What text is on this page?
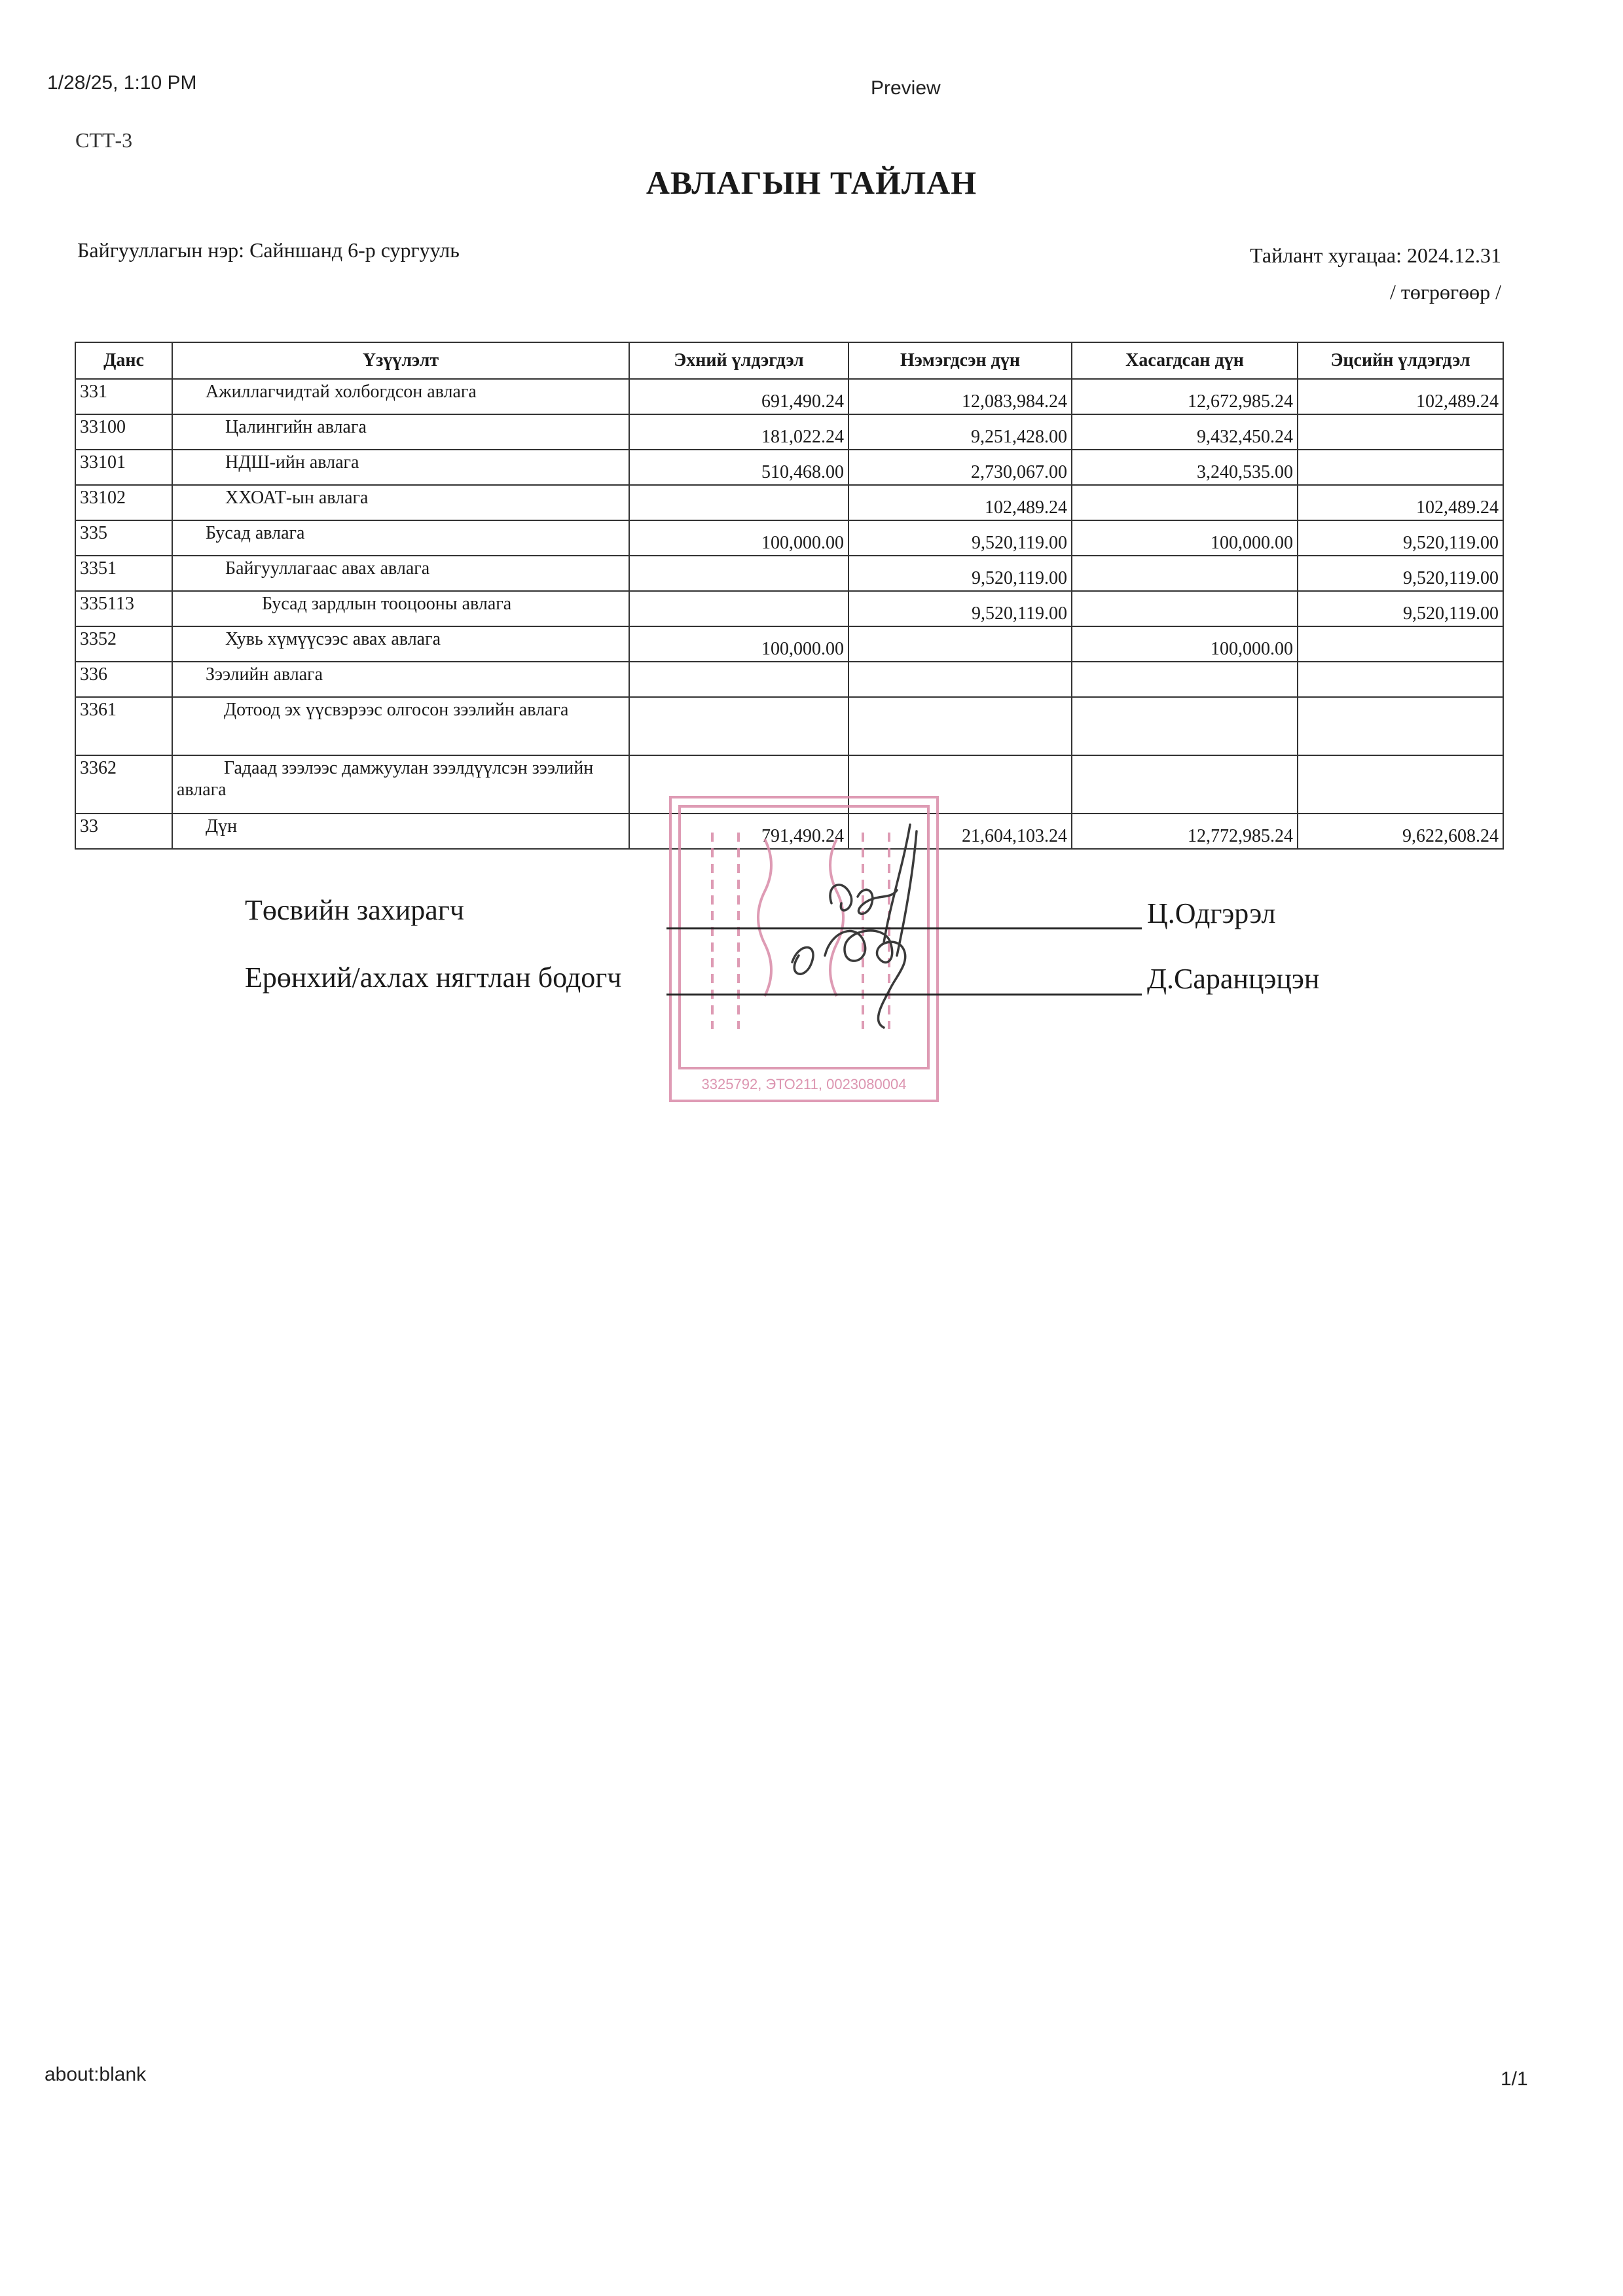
1/28/25, 1:10 PM	Preview
СТТ-3
АВЛАГЫН ТАЙЛАН
Байгууллагын нэр: Сайншанд 6-р сургууль	Тайлант хугацаа: 2024.12.31
/ төгрөгөөр /
Данс	Үзүүлэлт	Эхний үлдэгдэл	Нэмэгдсэн дүн	Хасагдсан дүн	Эцсийн үлдэгдэл
331	Ажиллагчидтай холбогдсон авлага	691,490.24	12,083,984.24	12,672,985.24	102,489.24
33100	Цалингийн авлага	181,022.24	9,251,428.00	9,432,450.24	
33101	НДШ-ийн авлага	510,468.00	2,730,067.00	3,240,535.00	
33102	ХХОАТ-ын авлага		102,489.24		102,489.24
335	Бусад авлага	100,000.00	9,520,119.00	100,000.00	9,520,119.00
3351	Байгууллагаас авах авлага		9,520,119.00		9,520,119.00
335113	Бусад зардлын тооцооны авлага		9,520,119.00		9,520,119.00
3352	Хувь хүмүүсээс авах авлага	100,000.00		100,000.00	
336	Зээлийн авлага				
3361	Дотоод эх үүсвэрээс олгосон зээлийн авлага				
3362	Гадаад зээлээс дамжуулан зээлдүүлсэн зээлийн авлага				
33	Дүн	791,490.24	21,604,103.24	12,772,985.24	9,622,608.24
3325792, ЭТО211, 0023080004
Төсвийн захирагч	Ц.Одгэрэл
Ерөнхий/ахлах нягтлан бодогч	Д.Саранцэцэн
about:blank	1/1
